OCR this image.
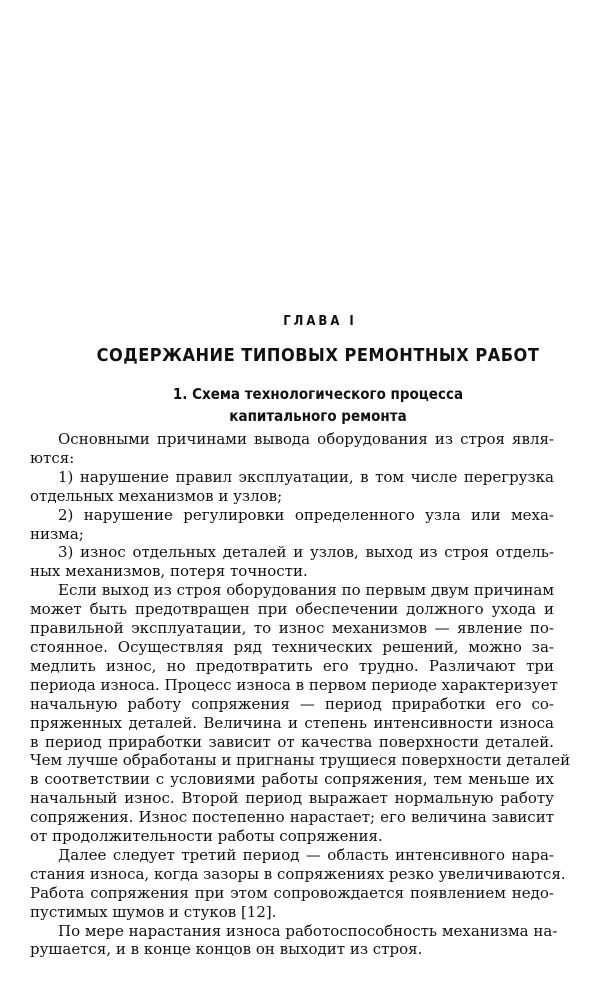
ГЛАВА I
СОДЕРЖАНИЕ ТИПОВЫХ РЕМОНТНЫХ РАБОТ
1. Схема технологического процесса
капитального ремонта
Основными причинами вывода оборудования из строя явля-
ются:
1) нарушение правил эксплуатации, в том числе перегрузка
отдельных механизмов и узлов;
2) нарушение регулировки определенного узла или меха-
низма;
3) износ отдельных деталей и узлов, выход из строя отдель-
ных механизмов, потеря точности.
Если выход из строя оборудования по первым двум причинам
может быть предотвращен при обеспечении должного ухода и
правильной эксплуатации, то износ механизмов — явление по-
стоянное. Осуществляя ряд технических решений, можно за-
медлить износ, но предотвратить его трудно. Различают три
периода износа. Процесс износа в первом периоде характеризует
начальную работу сопряжения — период приработки его со-
пряженных деталей. Величина и степень интенсивности износа
в период приработки зависит от качества поверхности деталей.
Чем лучше обработаны и пригнаны трущиеся поверхности деталей
в соответствии с условиями работы сопряжения, тем меньше их
начальный износ. Второй период выражает нормальную работу
сопряжения. Износ постепенно нарастает; его величина зависит
от продолжительности работы сопряжения.
Далее следует третий период — область интенсивного нара-
стания износа, когда зазоры в сопряжениях резко увеличиваются.
Работа сопряжения при этом сопровождается появлением недо-
пустимых шумов и стуков [12].
По мере нарастания износа работоспособность механизма на-
рушается, и в конце концов он выходит из строя.
